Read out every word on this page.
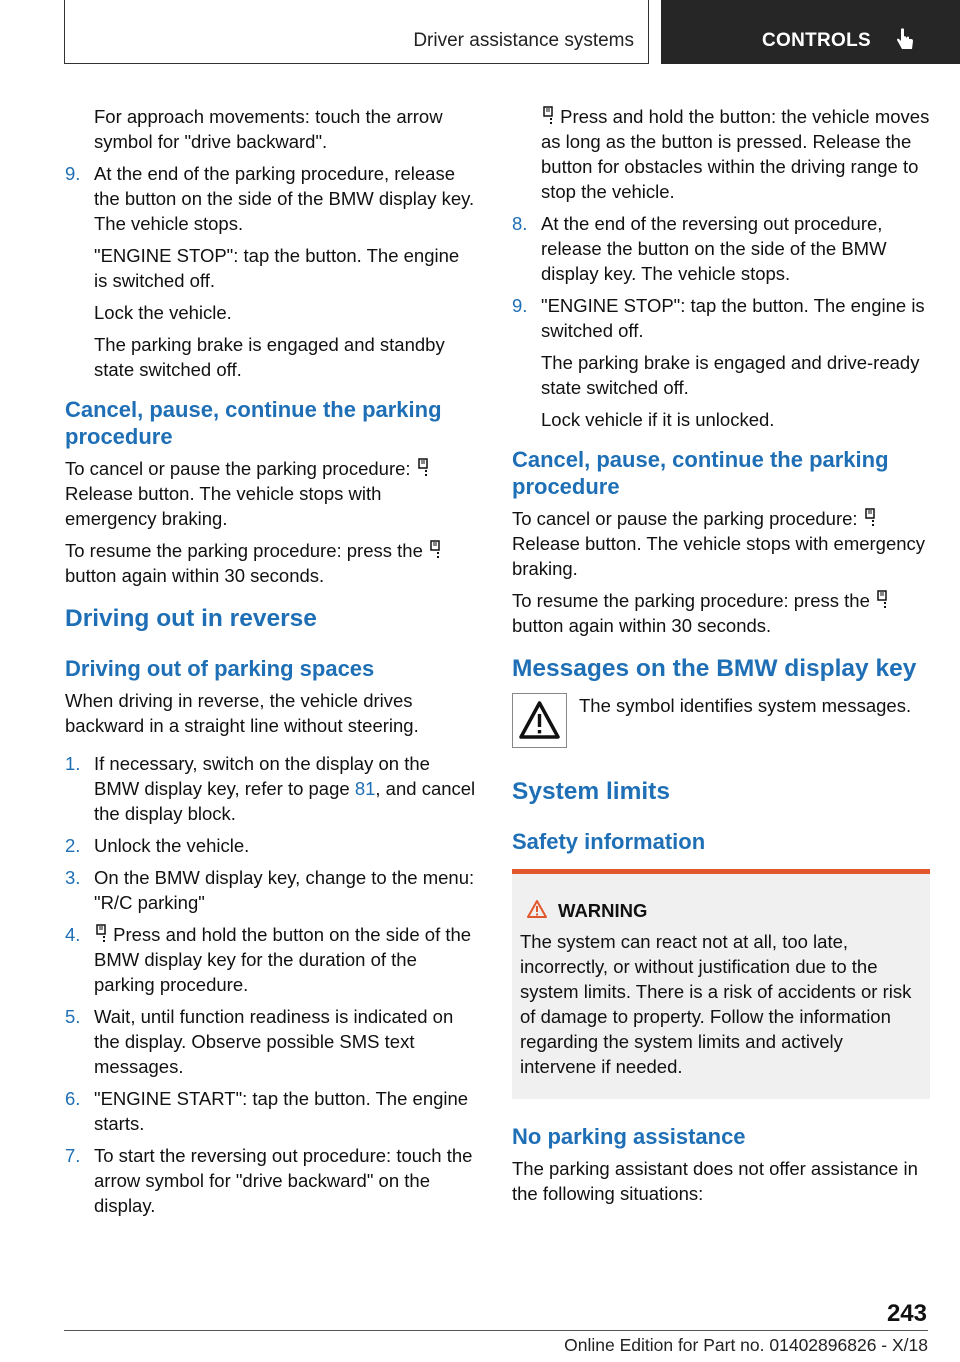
Driver assistance systems	CONTROLS
For approach movements: touch the arrow symbol for "drive backward".
9. At the end of the parking procedure, release the button on the side of the BMW display key. The vehicle stops.
"ENGINE STOP": tap the button. The engine is switched off.
Lock the vehicle.
The parking brake is engaged and standby state switched off.
Cancel, pause, continue the parking procedure
To cancel or pause the parking procedure:
Release button. The vehicle stops with emergency braking.
To resume the parking procedure: press the
button again within 30 seconds.
Driving out in reverse
Driving out of parking spaces
When driving in reverse, the vehicle drives backward in a straight line without steering.
1. If necessary, switch on the display on the BMW display key, refer to page 81, and cancel the display block.
2. Unlock the vehicle.
3. On the BMW display key, change to the menu: "R/C parking"
4. Press and hold the button on the side of the BMW display key for the duration of the parking procedure.
5. Wait, until function readiness is indicated on the display. Observe possible SMS text messages.
6. "ENGINE START": tap the button. The engine starts.
7. To start the reversing out procedure: touch the arrow symbol for "drive backward" on the display.
Press and hold the button: the vehicle moves as long as the button is pressed. Release the button for obstacles within the driving range to stop the vehicle.
8. At the end of the reversing out procedure, release the button on the side of the BMW display key. The vehicle stops.
9. "ENGINE STOP": tap the button. The engine is switched off.
The parking brake is engaged and drive-ready state switched off.
Lock vehicle if it is unlocked.
Cancel, pause, continue the parking procedure
To cancel or pause the parking procedure:
Release button. The vehicle stops with emergency braking.
To resume the parking procedure: press the
button again within 30 seconds.
Messages on the BMW display key
The symbol identifies system messages.
System limits
Safety information
WARNING
The system can react not at all, too late, incorrectly, or without justification due to the system limits. There is a risk of accidents or risk of damage to property. Follow the information regarding the system limits and actively intervene if needed.
No parking assistance
The parking assistant does not offer assistance in the following situations:
243
Online Edition for Part no. 01402896826 - X/18
